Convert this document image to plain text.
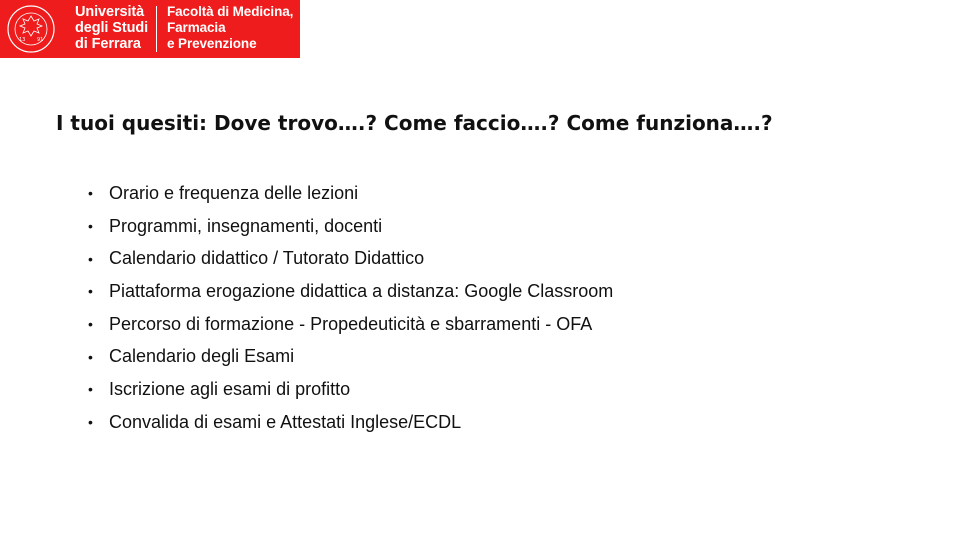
13 91
Università
degli Studi
di Ferrara
Facoltà di Medicina,
Farmacia
e Prevenzione
I tuoi quesiti: Dove trovo….? Come faccio….? Come funziona….?
• Orario e frequenza delle lezioni
• Programmi, insegnamenti, docenti
• Calendario didattico / Tutorato Didattico
• Piattaforma erogazione didattica a distanza: Google Classroom
• Percorso di formazione - Propedeuticità e sbarramenti - OFA
• Calendario degli Esami
• Iscrizione agli esami di profitto
• Convalida di esami e Attestati Inglese/ECDL
